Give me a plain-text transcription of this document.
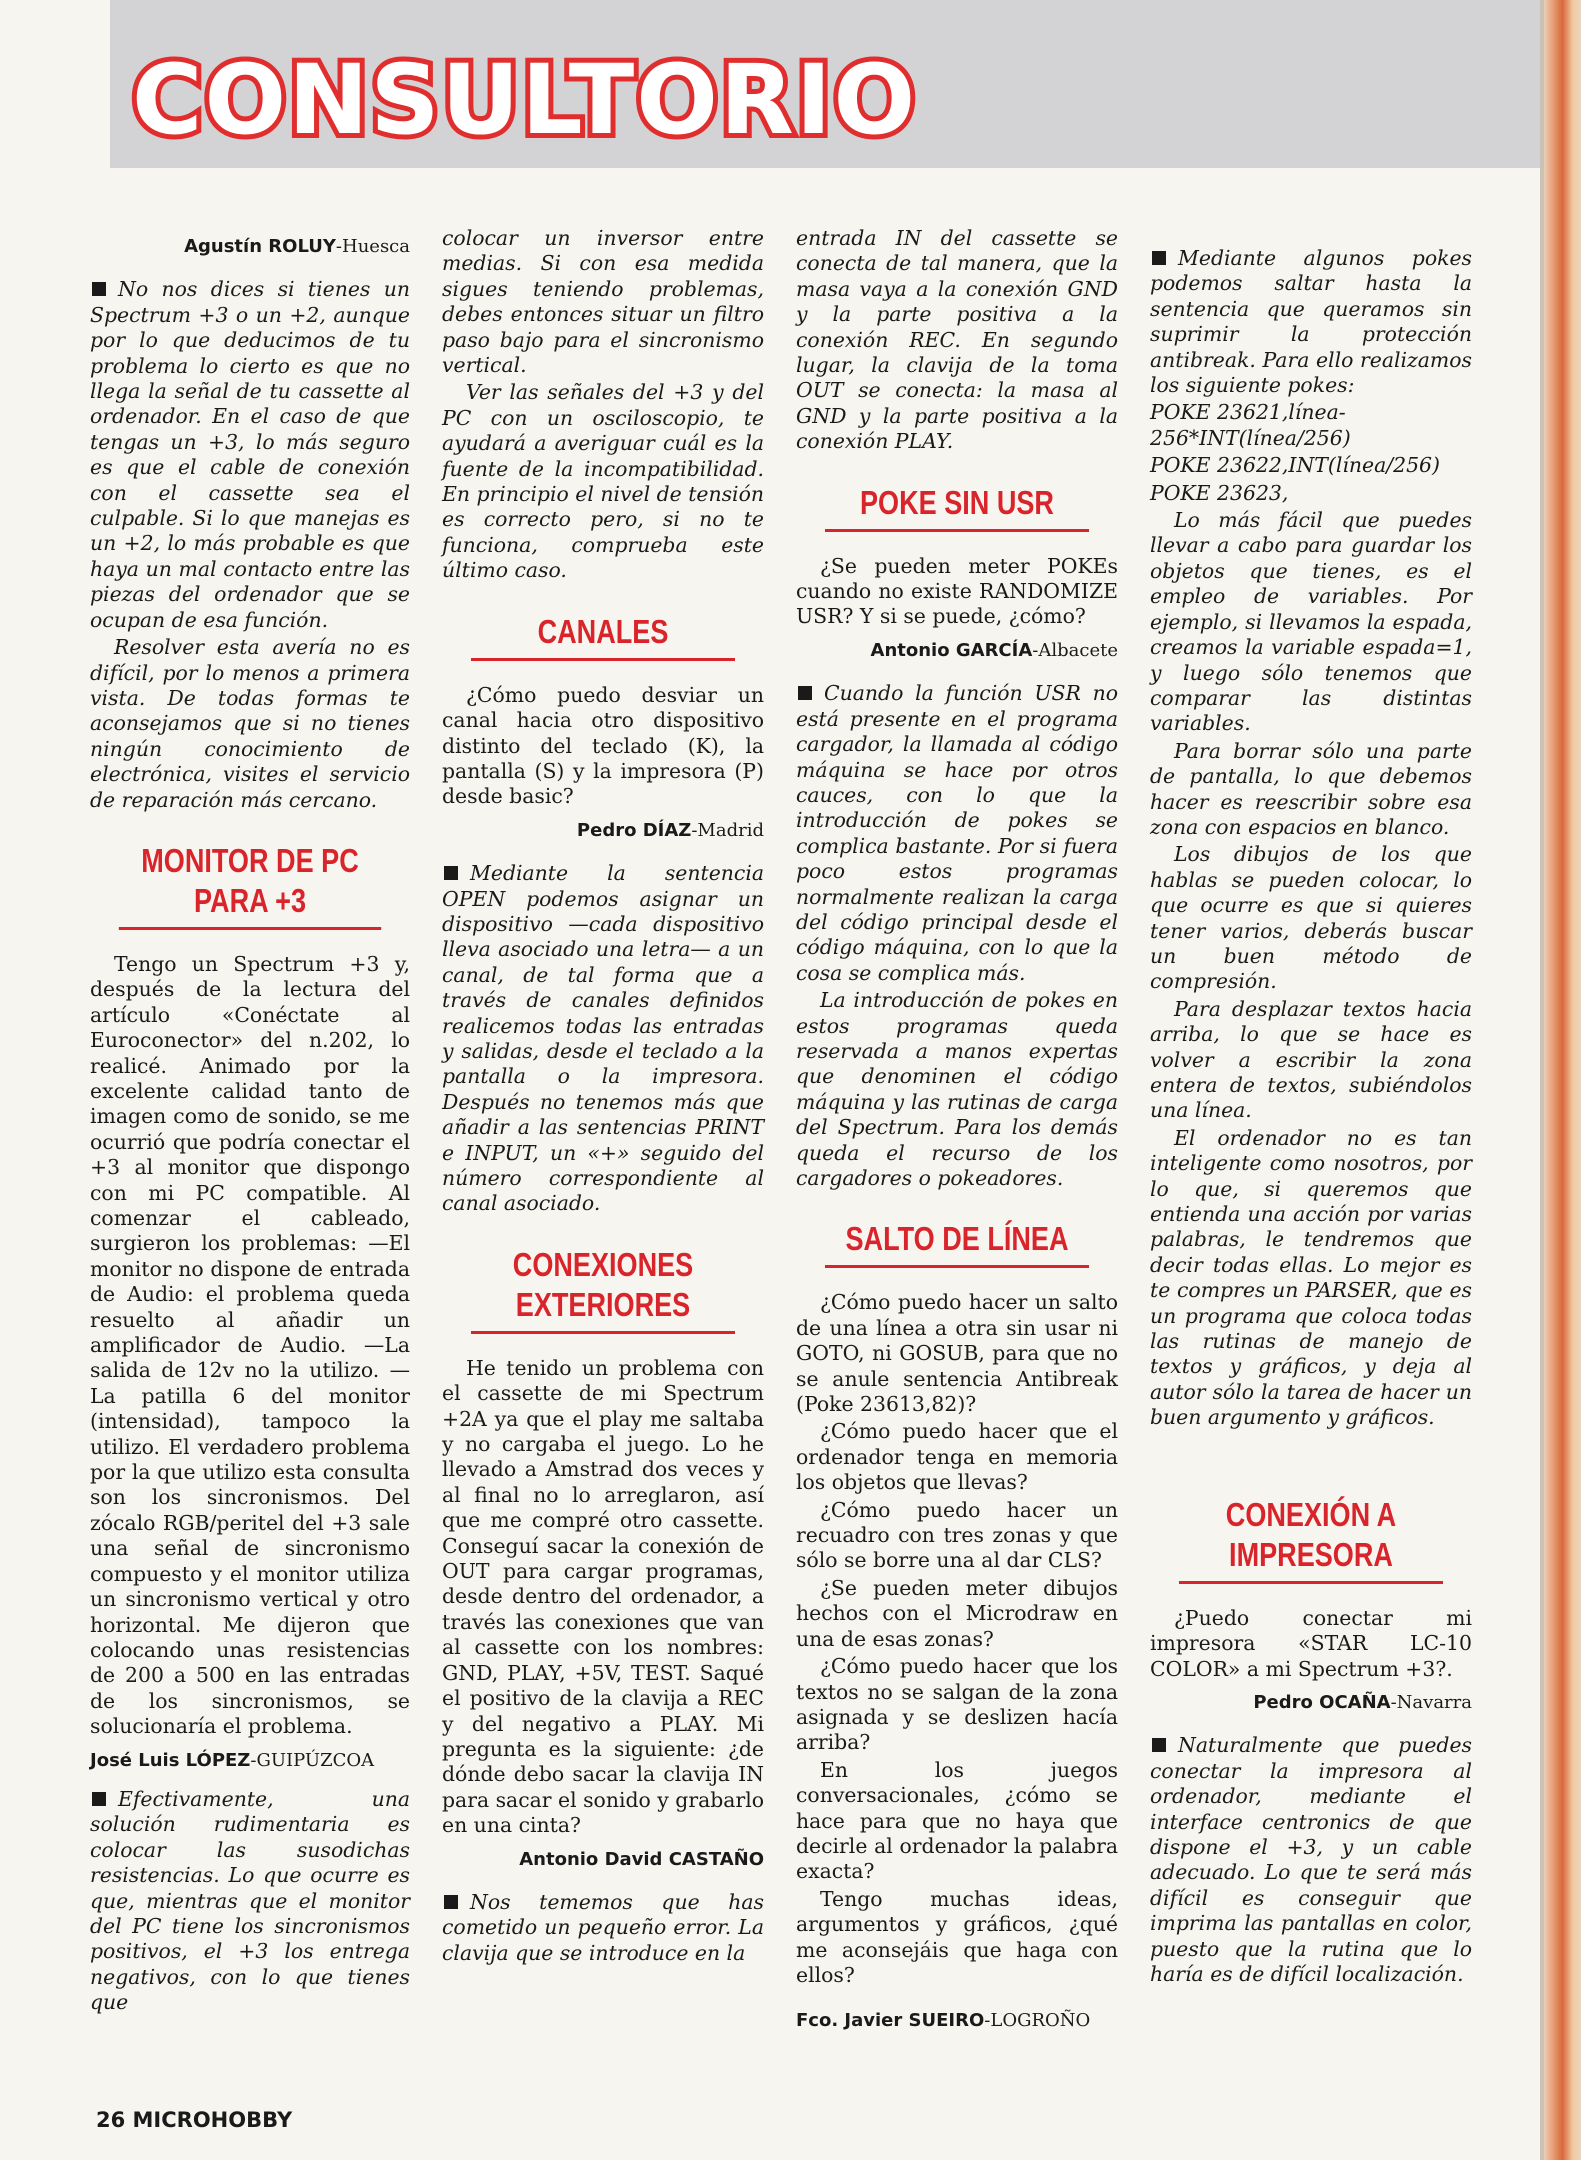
CONSULTORIO
Agustín ROLUY-Huesca

No nos dices si tienes un Spectrum +3 o un +2, aunque por lo que deducimos de tu problema lo cierto es que no llega la señal de tu cassette al ordenador. En el caso de que tengas un +3, lo más seguro es que el cable de conexión con el cassette sea el culpable. Si lo que manejas es un +2, lo más probable es que haya un mal contacto entre las piezas del ordenador que se ocupan de esa función.

Resolver esta avería no es difícil, por lo menos a primera vista. De todas formas te aconsejamos que si no tienes ningún conocimiento de electrónica, visites el servicio de reparación más cercano.

MONITOR DE PC PARA +3

Tengo un Spectrum +3 y, después de la lectura del artículo «Conéctate al Euroconector» del n.202, lo realicé. Animado por la excelente calidad tanto de imagen como de sonido, se me ocurrió que podría conectar el +3 al monitor que dispongo con mi PC compatible. Al comenzar el cableado, surgieron los problemas: —El monitor no dispone de entrada de Audio: el problema queda resuelto al añadir un amplificador de Audio. —La salida de 12v no la utilizo. —La patilla 6 del monitor (intensidad), tampoco la utilizo. El verdadero problema por la que utilizo esta consulta son los sincronismos. Del zócalo RGB/peritel del +3 sale una señal de sincronismo compuesto y el monitor utiliza un sincronismo vertical y otro horizontal. Me dijeron que colocando unas resistencias de 200 a 500 en las entradas de los sincronismos, se solucionaría el problema.

José Luis LÓPEZ-GUIPÚZCOA

Efectivamente, una solución rudimentaria es colocar las susodichas resistencias. Lo que ocurre es que, mientras que el monitor del PC tiene los sincronismos positivos, el +3 los entrega negativos, con lo que tienes que

colocar un inversor entre medias. Si con esa medida sigues teniendo problemas, debes entonces situar un filtro paso bajo para el sincronismo vertical.

Ver las señales del +3 y del PC con un osciloscopio, te ayudará a averiguar cuál es la fuente de la incompatibilidad. En principio el nivel de tensión es correcto pero, si no te funciona, compruebа este último caso.

CANALES

¿Cómo puedo desviar un canal hacia otro dispositivo distinto del teclado (K), la pantalla (S) y la impresora (P) desde basic?

Pedro DÍAZ-Madrid

Mediante la sentencia OPEN podemos asignar un dispositivo —cada dispositivo lleva asociado una letra— a un canal, de tal forma que a través de canales definidos realicemos todas las entradas y salidas, desde el teclado a la pantalla o la impresora. Después no tenemos más que añadir a las sentencias PRINT e INPUT, un «+» seguido del número correspondiente al canal asociado.

CONEXIONES EXTERIORES

He tenido un problema con el cassette de mi Spectrum +2A ya que el play me saltaba y no cargaba el juego. Lo he llevado a Amstrad dos veces y al final no lo arreglaron, así que me compré otro cassette. Conseguí sacar la conexión de OUT para cargar programas, desde dentro del ordenador, a través las conexiones que van al cassette con los nombres: GND, PLAY, +5V, TEST. Saqué el positivo de la clavija a REC y del negativo a PLAY. Mi pregunta es la siguiente: ¿de dónde debo sacar la clavija IN para sacar el sonido y grabarlo en una cinta?

Antonio David CASTAÑO

Nos tememos que has cometido un pequeño error. La clavija que se introduce en la

entrada IN del cassette se conecta de tal manera, que la masa vaya a la conexión GND y la parte positiva a la conexión REC. En segundo lugar, la clavija de la toma OUT se conecta: la masa al GND y la parte positiva a la conexión PLAY.

POKE SIN USR

¿Se pueden meter POKEs cuando no existe RANDOMIZE USR? Y si se puede, ¿cómo?

Antonio GARCÍA-Albacete

Cuando la función USR no está presente en el programa cargador, la llamada al código máquina se hace por otros cauces, con lo que la introducción de pokes se complica bastante. Por si fuera poco estos programas normalmente realizan la carga del código principal desde el código máquina, con lo que la cosa se complica más.

La introducción de pokes en estos programas queda reservada a manos expertas que denominen el código máquina y las rutinas de carga del Spectrum. Para los demás queda el recurso de los cargadores o pokeadores.

SALTO DE LÍNEA

¿Cómo puedo hacer un salto de una línea a otra sin usar ni GOTO, ni GOSUB, para que no se anule sentencia Antibreak (Poke 23613,82)?

¿Cómo puedo hacer que el ordenador tenga en memoria los objetos que llevas?

¿Cómo puedo hacer un recuadro con tres zonas y que sólo se borre una al dar CLS?

¿Se pueden meter dibujos hechos con el Microdraw en una de esas zonas?

¿Cómo puedo hacer que los textos no se salgan de la zona asignada y se deslizen hacía arriba?

En los juegos conversacionales, ¿cómo se hace para que no haya que decirle al ordenador la palabra exacta?

Tengo muchas ideas, argumentos y gráficos, ¿qué me aconsejáis que haga con ellos?

Fco. Javier SUEIRO-LOGROÑO

Mediante algunos pokes podemos saltar hasta la sentencia que queramos sin suprimir la protección antibreak. Para ello realizamos los siguiente pokes:

POKE 23621,línea-256*INT(línea/256)

POKE 23622,INT(línea/256)

POKE 23623,

Lo más fácil que puedes llevar a cabo para guardar los objetos que tienes, es el empleo de variables. Por ejemplo, si llevamos la espada, creamos la variable espada=1, y luego sólo tenemos que comparar las distintas variables.

Para borrar sólo una parte de pantalla, lo que debemos hacer es reescribir sobre esa zona con espacios en blanco.

Los dibujos de los que hablas se pueden colocar, lo que ocurre es que si quieres tener varios, deberás buscar un buen método de compresión.

Para desplazar textos hacia arriba, lo que se hace es volver a escribir la zona entera de textos, subiéndolos una línea.

El ordenador no es tan inteligente como nosotros, por lo que, si queremos que entienda una acción por varias palabras, le tendremos que decir todas ellas. Lo mejor es te compres un PARSER, que es un programa que coloca todas las rutinas de manejo de textos y gráficos, y deja al autor sólo la tarea de hacer un buen argumento y gráficos.

CONEXIÓN A IMPRESORA

¿Puedo conectar mi impresora «STAR LC-10 COLOR» a mi Spectrum +3?.

Pedro OCAÑA-Navarra

Naturalmente que puedes conectar la impresora al ordenador, mediante el interface centronics de que dispone el +3, y un cable adecuado. Lo que te será más difícil es conseguir que imprima las pantallas en color, puesto que la rutina que lo haría es de difícil localización.

26 MICROHOBBY
